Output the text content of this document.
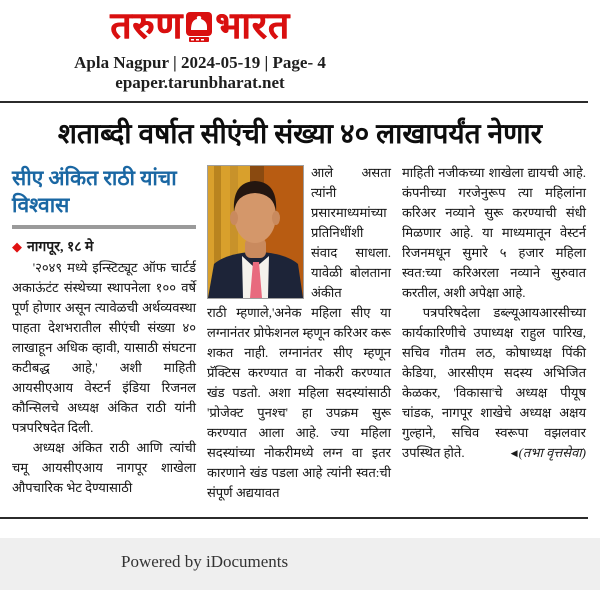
तरुण भारत
Apla Nagpur | 2024-05-19 | Page- 4
epaper.tarunbharat.net
शताब्दी वर्षात सीएंची संख्या ४० लाखापर्यंत नेणार
सीए अंकित राठी यांचा विश्वास
◆ नागपूर, १८ मे

'२०४९ मध्ये इन्स्टिट्यूट ऑफ चार्टर्ड अकाऊंटंट संस्थेच्या स्थापनेला १०० वर्षे पूर्ण होणार असून त्यावेळची अर्थव्यवस्था पाहता देशभरातील सीएंची संख्या ४० लाखाहून अधिक व्हावी, यासाठी संघटना कटीबद्ध आहे,' अशी माहिती आयसीएआय वेस्टर्न इंडिया रिजनल कौन्सिलचे अध्यक्ष अंकित राठी यांनी पत्रपरिषदेत दिली.

अध्यक्ष अंकित राठी आणि त्यांची चमू आयसीएआय नागपूर शाखेला औपचारिक भेट देण्यासाठी

आले असता त्यांनी प्रसारमाध्यमांच्या प्रतिनिधींशी संवाद साधला. यावेळी बोलताना अंकीत

राठी म्हणाले,'अनेक महिला सीए या लग्नानंतर प्रोफेशनल म्हणून करिअर करू शकत नाही. लग्नानंतर सीए म्हणून प्रॅक्टिस करण्यात वा नोकरी करण्यात खंड पडतो. अशा महिला सदस्यांसाठी 'प्रोजेक्ट पुनश्च' हा उपक्रम सुरू करण्यात आला आहे. ज्या महिला सदस्यांच्या नोकरीमध्ये लग्न वा इतर कारणाने खंड पडला आहे त्यांनी स्वत:ची संपूर्ण अद्ययावत

माहिती नजीकच्या शाखेला द्यायची आहे. कंपनीच्या गरजेनुरूप त्या महिलांना करिअर नव्याने सुरू करण्याची संधी मिळणार आहे. या माध्यमातून वेस्टर्न रिजनमधून सुमारे ५ हजार महिला स्वत:च्या करिअरला नव्याने सुरुवात करतील, अशी अपेक्षा आहे.

पत्रपरिषदेला डब्ल्यूआयआरसीच्या कार्यकारिणीचे उपाध्यक्ष राहुल पारिख, सचिव गौतम लठ, कोषाध्यक्ष पिंकी केडिया, आरसीएम सदस्य अभिजित केळकर, 'विकासा'चे अध्यक्ष पीयूष चांडक, नागपूर शाखेचे अध्यक्ष अक्षय गुल्हाने, सचिव स्वरूपा वझलवार उपस्थित होते.	◀(तभा वृत्तसेवा)
Powered by iDocuments
